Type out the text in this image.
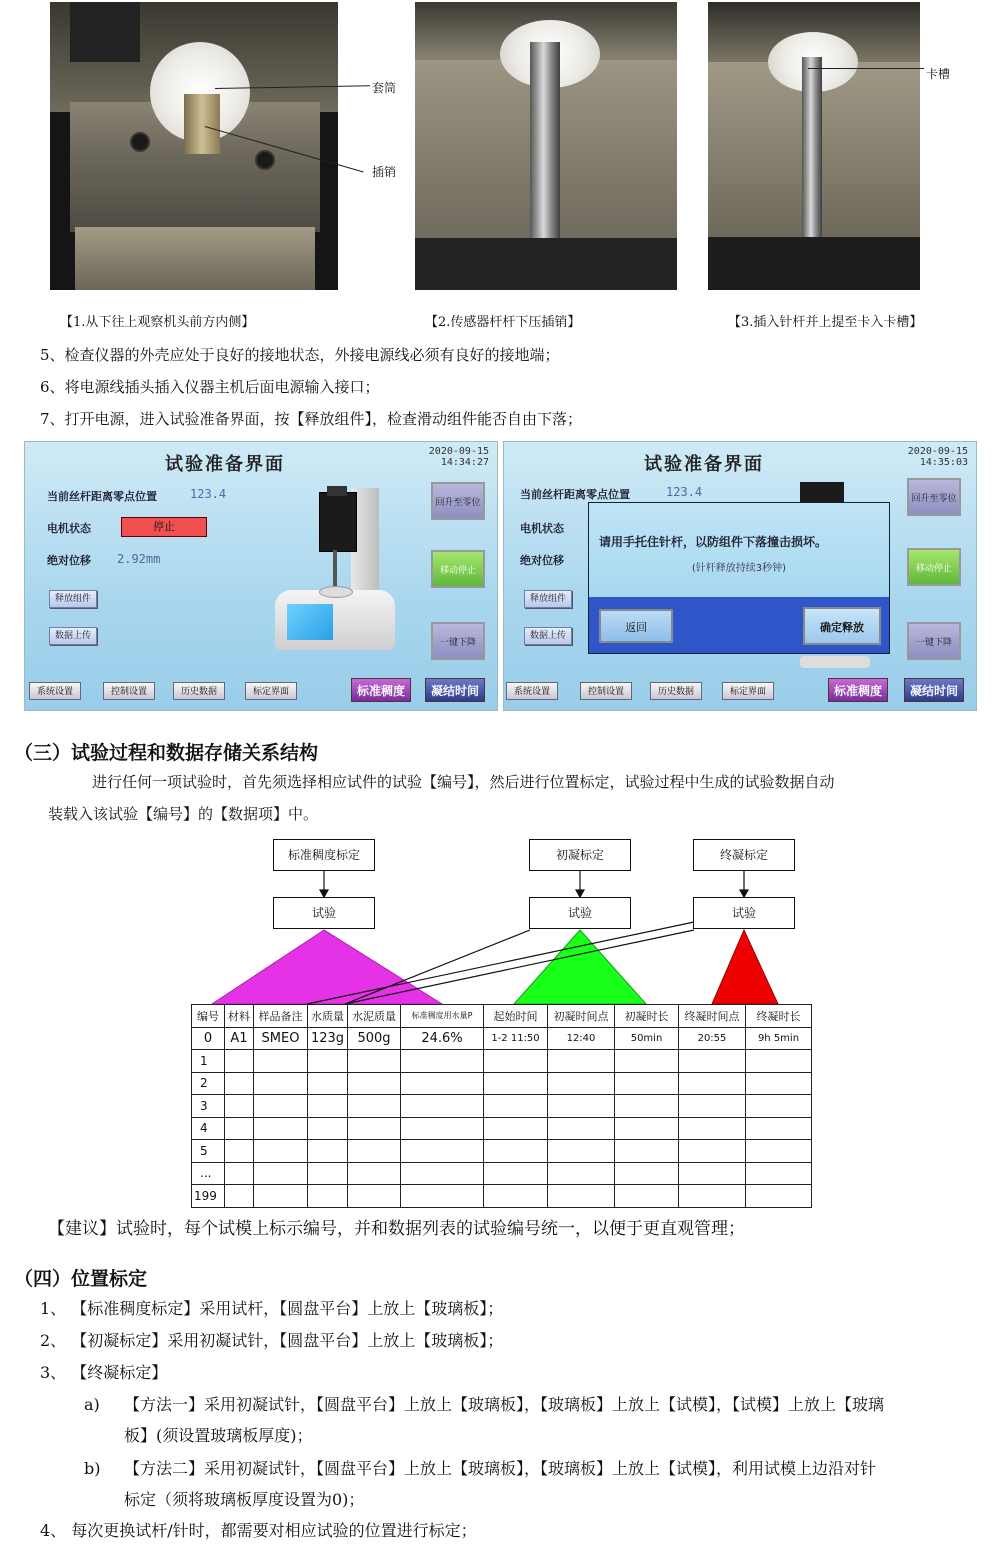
套筒
插销
卡槽
【1.从下往上观察机头前方内侧】	【2.传感器杆杆下压插销】	【3.插入针杆并上提至卡入卡槽】
5、检查仪器的外壳应处于良好的接地状态，外接电源线必须有良好的接地端；
6、将电源线插头插入仪器主机后面电源输入接口；
7、打开电源，进入试验准备界面，按【释放组件】，检查滑动组件能否自由下落；
试验准备界面
2020-09-15
14:34:27
当前丝杆距离零点位置	123.4
电机状态	停止
绝对位移 2.92mm
释放组件
数据上传
回升至零位
移动停止
一键下降
系统设置	控制设置	历史数据	标定界面	标准稠度	凝结时间
试验准备界面
2020-09-15
14:35:03
当前丝杆距离零点位置	123.4
电机状态
绝对位移
释放组件
数据上传
请用手托住针杆，以防组件下落撞击损坏。
(针杆释放持续3秒钟)
返回	确定释放
回升至零位
移动停止
一键下降
系统设置	控制设置	历史数据	标定界面	标准稠度	凝结时间
（三）试验过程和数据存储关系结构
进行任何一项试验时，首先须选择相应试件的试验【编号】，然后进行位置标定，试验过程中生成的试验数据自动
装载入该试验【编号】的【数据项】中。
标准稠度标定	初凝标定	终凝标定
试验	试验	试验
编号	材料	样品备注	水质量	水泥质量	标准稠度用水量P	起始时间	初凝时间点	初凝时长	终凝时间点	终凝时长
0	A1	SMEO	123g	500g	24.6%	1-2 11:50	12:40	50min	20:55	9h 5min
1										
2										
3										
4										
5										
...										
199										
【建议】试验时，每个试模上标示编号，并和数据列表的试验编号统一，以便于更直观管理；
（四）位置标定
1、 【标准稠度标定】采用试杆，【圆盘平台】上放上【玻璃板】；
2、 【初凝标定】采用初凝试针，【圆盘平台】上放上【玻璃板】；
3、 【终凝标定】
a) 【方法一】采用初凝试针，【圆盘平台】上放上【玻璃板】，【玻璃板】上放上【试模】，【试模】上放上【玻璃
板】(须设置玻璃板厚度)；
b) 【方法二】采用初凝试针，【圆盘平台】上放上【玻璃板】，【玻璃板】上放上【试模】，利用试模上边沿对针
标定（须将玻璃板厚度设置为0)；
4、 每次更换试杆/针时，都需要对相应试验的位置进行标定；
